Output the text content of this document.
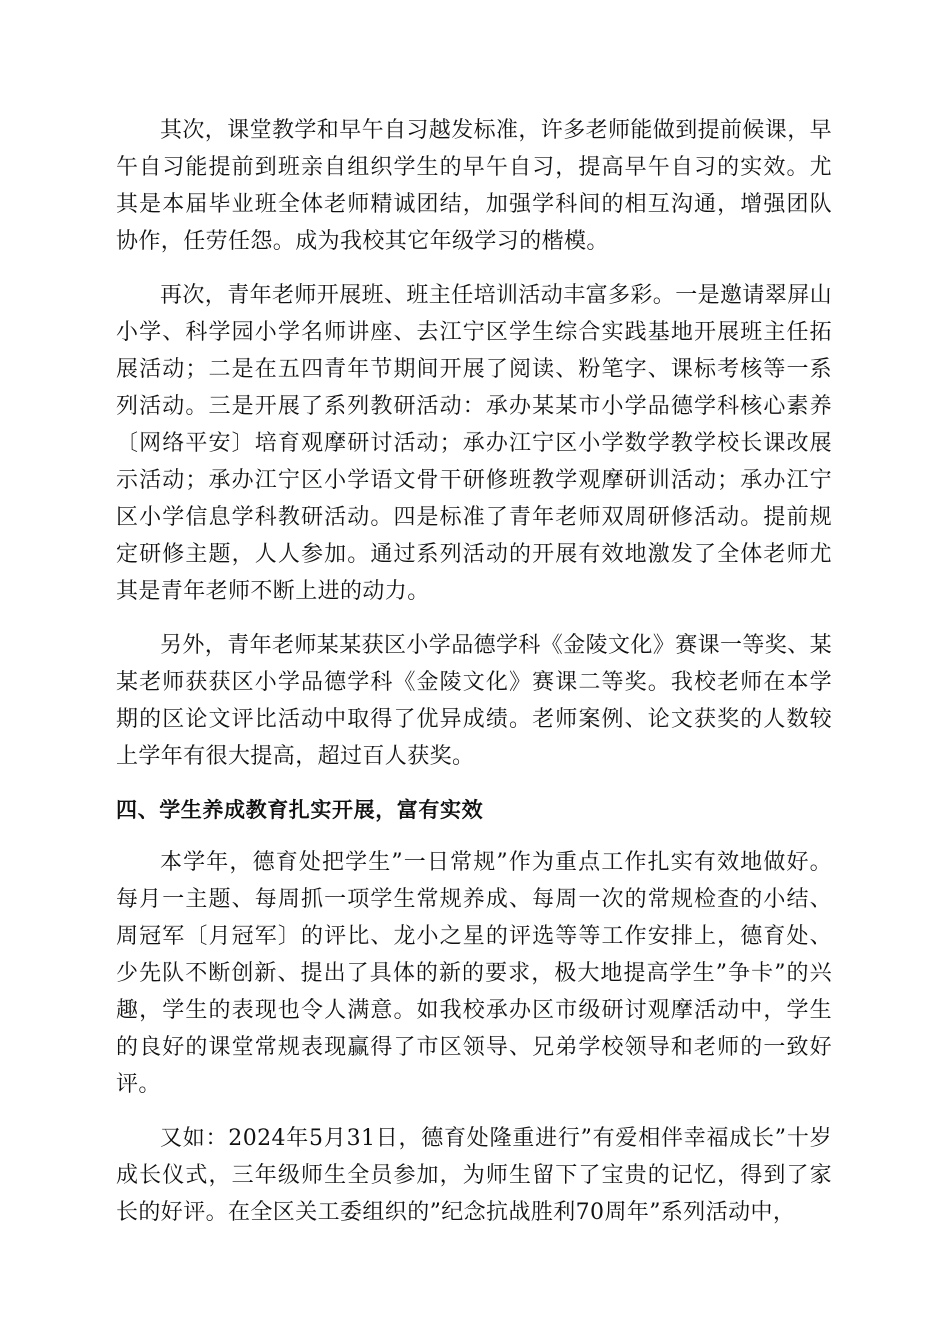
其次，课堂教学和早午自习越发标准，许多老师能做到提前候课，早午自习能提前到班亲自组织学生的早午自习，提高早午自习的实效。尤其是本届毕业班全体老师精诚团结，加强学科间的相互沟通，增强团队协作，任劳任怨。成为我校其它年级学习的楷模。

再次，青年老师开展班、班主任培训活动丰富多彩。一是邀请翠屏山小学、科学园小学名师讲座、去江宁区学生综合实践基地开展班主任拓展活动；二是在五四青年节期间开展了阅读、粉笔字、课标考核等一系列活动。三是开展了系列教研活动：承办某某市小学品德学科核心素养〔网络平安〕培育观摩研讨活动；承办江宁区小学数学教学校长课改展示活动；承办江宁区小学语文骨干研修班教学观摩研训活动；承办江宁区小学信息学科教研活动。四是标准了青年老师双周研修活动。提前规定研修主题，人人参加。通过系列活动的开展有效地激发了全体老师尤其是青年老师不断上进的动力。

另外，青年老师某某获区小学品德学科《金陵文化》赛课一等奖、某某老师获获区小学品德学科《金陵文化》赛课二等奖。我校老师在本学期的区论文评比活动中取得了优异成绩。老师案例、论文获奖的人数较上学年有很大提高，超过百人获奖。

四、学生养成教育扎实开展，富有实效

本学年，德育处把学生”一日常规”作为重点工作扎实有效地做好。每月一主题、每周抓一项学生常规养成、每周一次的常规检查的小结、周冠军〔月冠军〕的评比、龙小之星的评选等等工作安排上，德育处、少先队不断创新、提出了具体的新的要求，极大地提高学生”争卡”的兴趣，学生的表现也令人满意。如我校承办区市级研讨观摩活动中，学生的良好的课堂常规表现赢得了市区领导、兄弟学校领导和老师的一致好评。

又如：2024年5月31日，德育处隆重进行”有爱相伴幸福成长”十岁成长仪式，三年级师生全员参加，为师生留下了宝贵的记忆，得到了家长的好评。在全区关工委组织的”纪念抗战胜利70周年”系列活动中，
